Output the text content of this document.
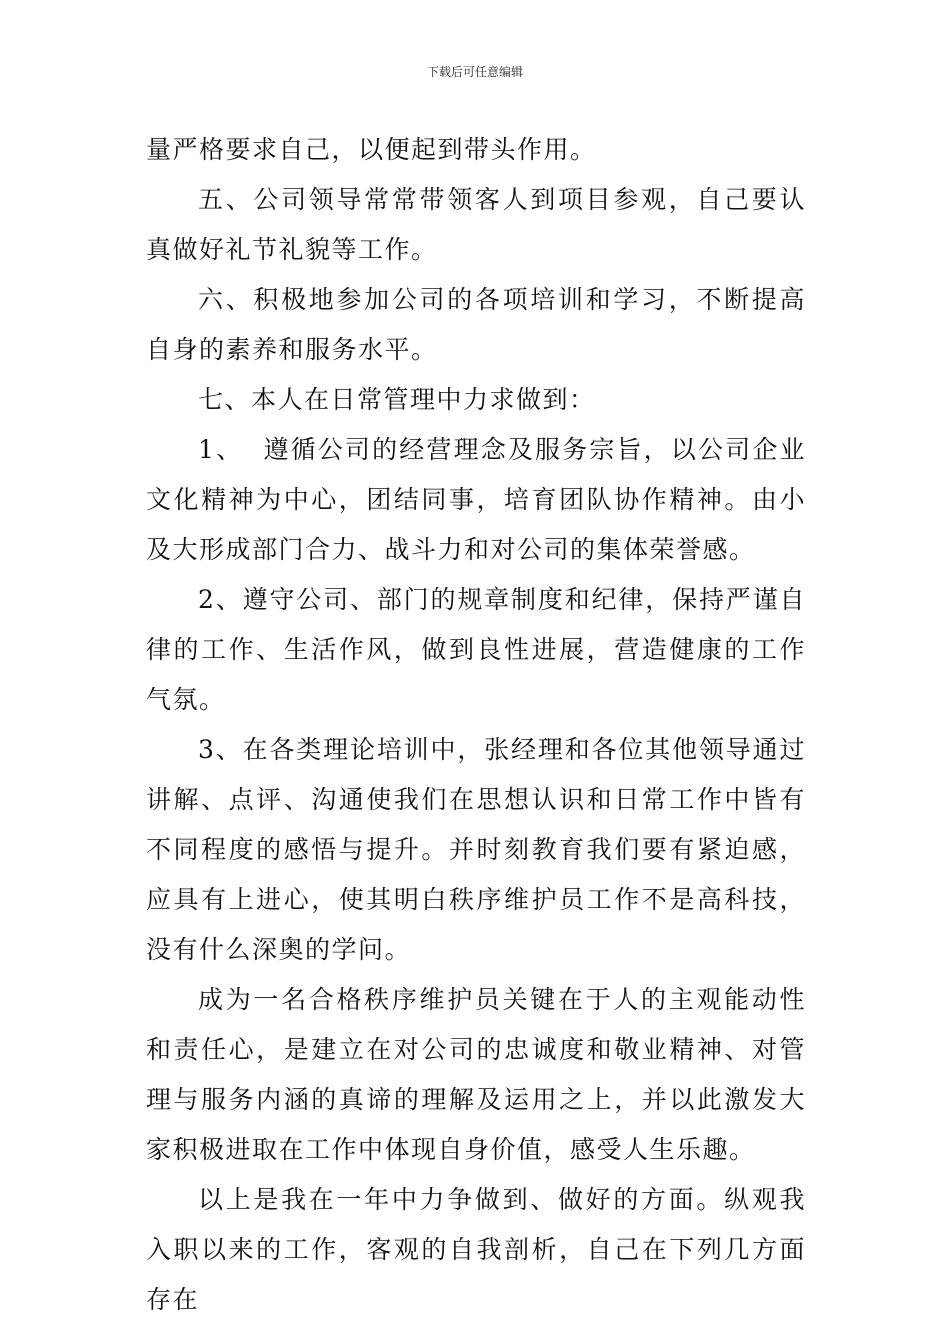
下载后可任意编辑

量严格要求自己，以便起到带头作用。

五、公司领导常常带领客人到项目参观，自己要认真做好礼节礼貌等工作。

六、积极地参加公司的各项培训和学习，不断提高自身的素养和服务水平。

七、本人在日常管理中力求做到：

1、  遵循公司的经营理念及服务宗旨，以公司企业文化精神为中心，团结同事，培育团队协作精神。由小及大形成部门合力、战斗力和对公司的集体荣誉感。

2、遵守公司、部门的规章制度和纪律，保持严谨自律的工作、生活作风，做到良性进展，营造健康的工作气氛。

3、在各类理论培训中，张经理和各位其他领导通过讲解、点评、沟通使我们在思想认识和日常工作中皆有不同程度的感悟与提升。并时刻教育我们要有紧迫感，应具有上进心，使其明白秩序维护员工作不是高科技，没有什么深奥的学问。

成为一名合格秩序维护员关键在于人的主观能动性和责任心，是建立在对公司的忠诚度和敬业精神、对管理与服务内涵的真谛的理解及运用之上，并以此激发大家积极进取在工作中体现自身价值，感受人生乐趣。

以上是我在一年中力争做到、做好的方面。纵观我入职以来的工作，客观的自我剖析，自己在下列几方面存在
